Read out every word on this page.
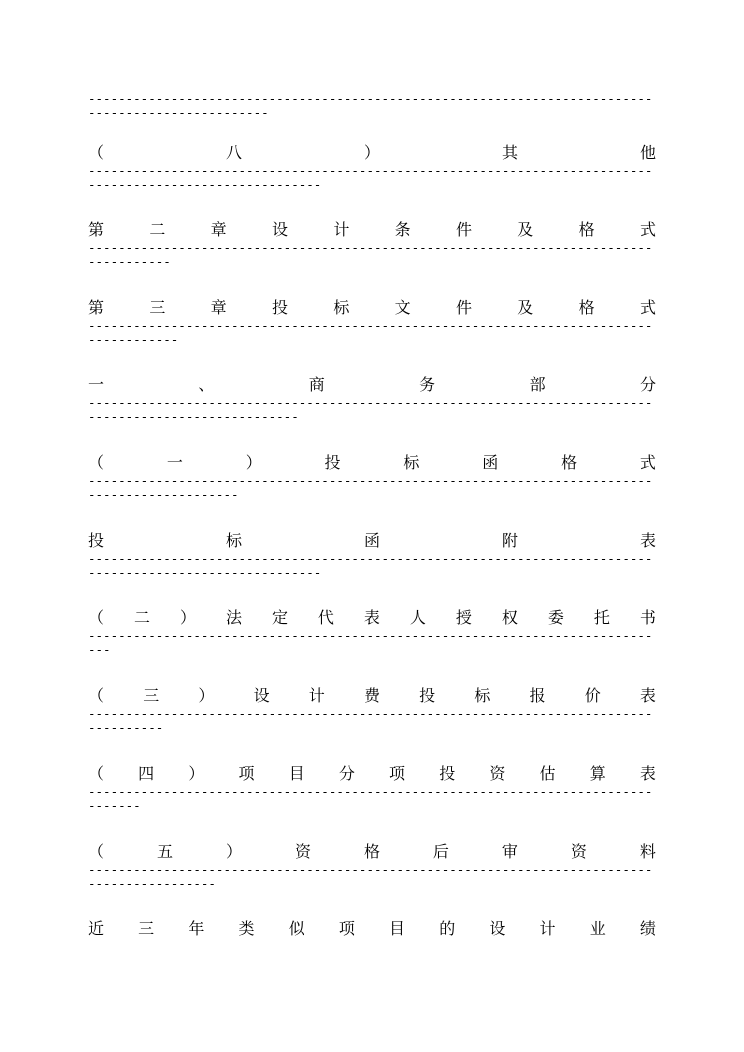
---------------------------------------------------------------------------
------------------------
（	八	）	其	他
---------------------------------------------------------------------------
-------------------------------
第	二	章	设	计	条	件	及	格	式
---------------------------------------------------------------------------
-----------
第	三	章	投	标	文	件	及	格	式
---------------------------------------------------------------------------
------------
一	、	商	务	部	分
---------------------------------------------------------------------------
----------------------------
（	一	）	投	标	函	格	式
---------------------------------------------------------------------------
--------------------
投	标	函	附	表
---------------------------------------------------------------------------
-------------------------------
（ 二 ） 法 定 代 表 人 授 权 委 托 书
---------------------------------------------------------------------------
---
（ 三 ） 设 计 费 投 标 报 价 表
---------------------------------------------------------------------------
----------
（ 四 ） 项 目 分 项 投 资 估 算 表
---------------------------------------------------------------------------
-------
（	五	）	资	格	后	审	资	料
---------------------------------------------------------------------------
-----------------
近 三 年 类 似 项 目 的 设 计 业 绩
